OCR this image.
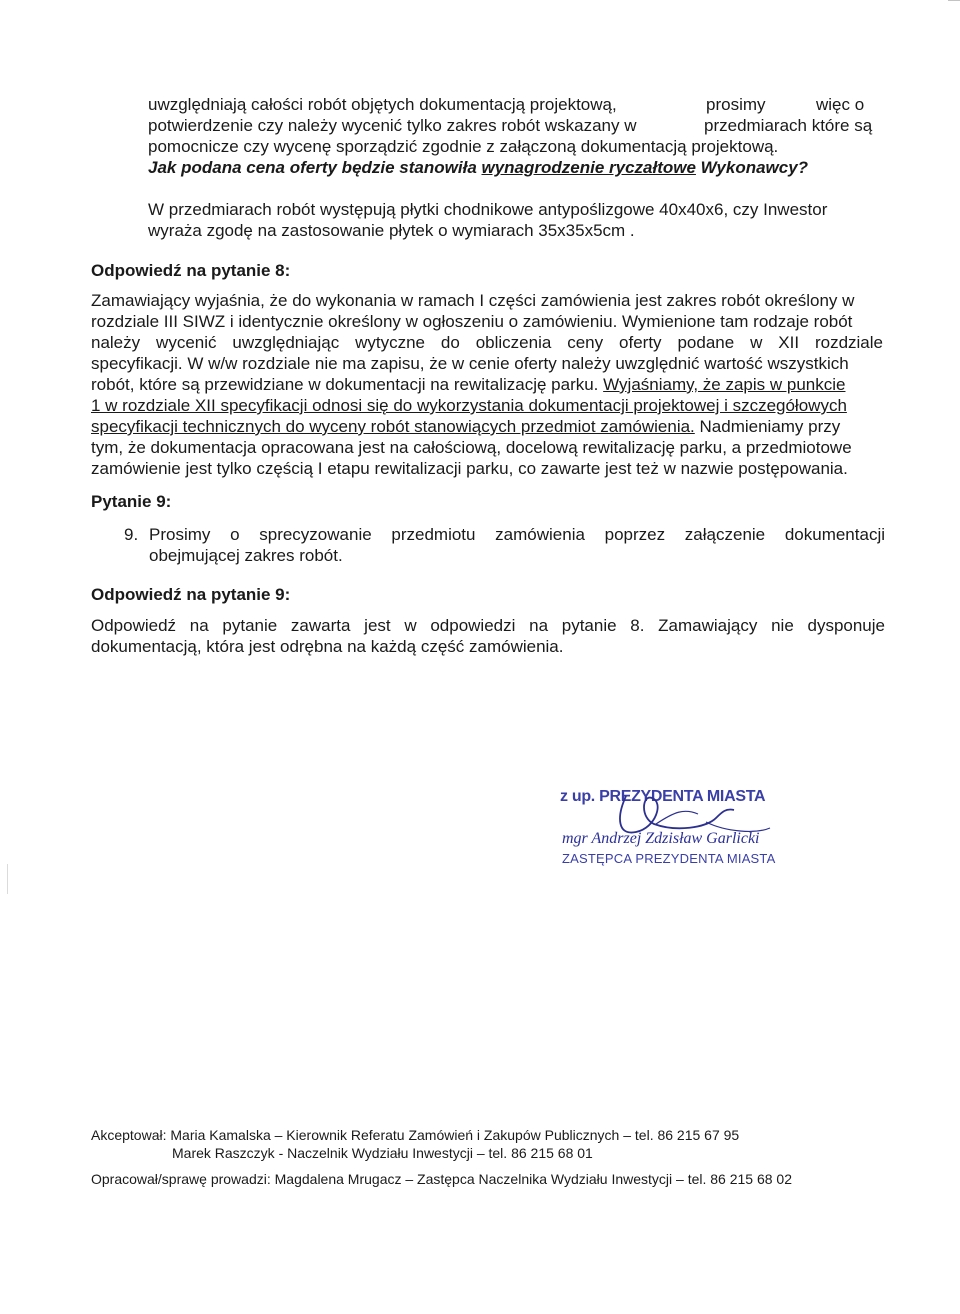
uwzględniają całości robót objętych dokumentacją projektową,	prosimy	więc o
potwierdzenie czy należy wycenić tylko zakres robót wskazany w	przedmiarach które są
pomocnicze czy wycenę sporządzić zgodnie z załączoną dokumentacją projektową.
Jak podana cena oferty będzie stanowiła wynagrodzenie ryczałtowe Wykonawcy?
W przedmiarach robót występują płytki chodnikowe antypoślizgowe 40x40x6, czy Inwestor
wyraża zgodę na zastosowanie płytek o wymiarach 35x35x5cm .
Odpowiedź na pytanie 8:
Zamawiający wyjaśnia, że do wykonania w ramach I części zamówienia jest zakres robót określony w
rozdziale III SIWZ i identycznie określony w ogłoszeniu o zamówieniu. Wymienione tam rodzaje robót
należy wycenić uwzględniając wytyczne do obliczenia ceny oferty podane w XII rozdziale
specyfikacji. W w/w rozdziale nie ma zapisu, że w cenie oferty należy uwzględnić wartość wszystkich
robót, które są przewidziane w dokumentacji na rewitalizację parku. Wyjaśniamy, że zapis w punkcie
1 w rozdziale XII specyfikacji odnosi się do wykorzystania dokumentacji projektowej i szczegółowych
specyfikacji technicznych do wyceny robót stanowiących przedmiot zamówienia. Nadmieniamy przy
tym, że dokumentacja opracowana jest na całościową, docelową rewitalizację parku, a przedmiotowe
zamówienie jest tylko częścią I etapu rewitalizacji parku, co zawarte jest też w nazwie postępowania.
Pytanie 9:
9. Prosimy o sprecyzowanie przedmiotu zamówienia poprzez załączenie dokumentacji
obejmującej zakres robót.
Odpowiedź na pytanie 9:
Odpowiedź na pytanie zawarta jest w odpowiedzi na pytanie 8. Zamawiający nie dysponuje
dokumentacją, która jest odrębna na każdą część zamówienia.
z up. PREZYDENTA MIASTA
mgr Andrzej Zdzisław Garlicki
ZASTĘPCA PREZYDENTA MIASTA
Akceptował: Maria Kamalska – Kierownik Referatu Zamówień i Zakupów Publicznych – tel. 86 215 67 95
Marek Raszczyk - Naczelnik Wydziału Inwestycji – tel. 86 215 68 01
Opracował/sprawę prowadzi: Magdalena Mrugacz – Zastępca Naczelnika Wydziału Inwestycji – tel. 86 215 68 02
